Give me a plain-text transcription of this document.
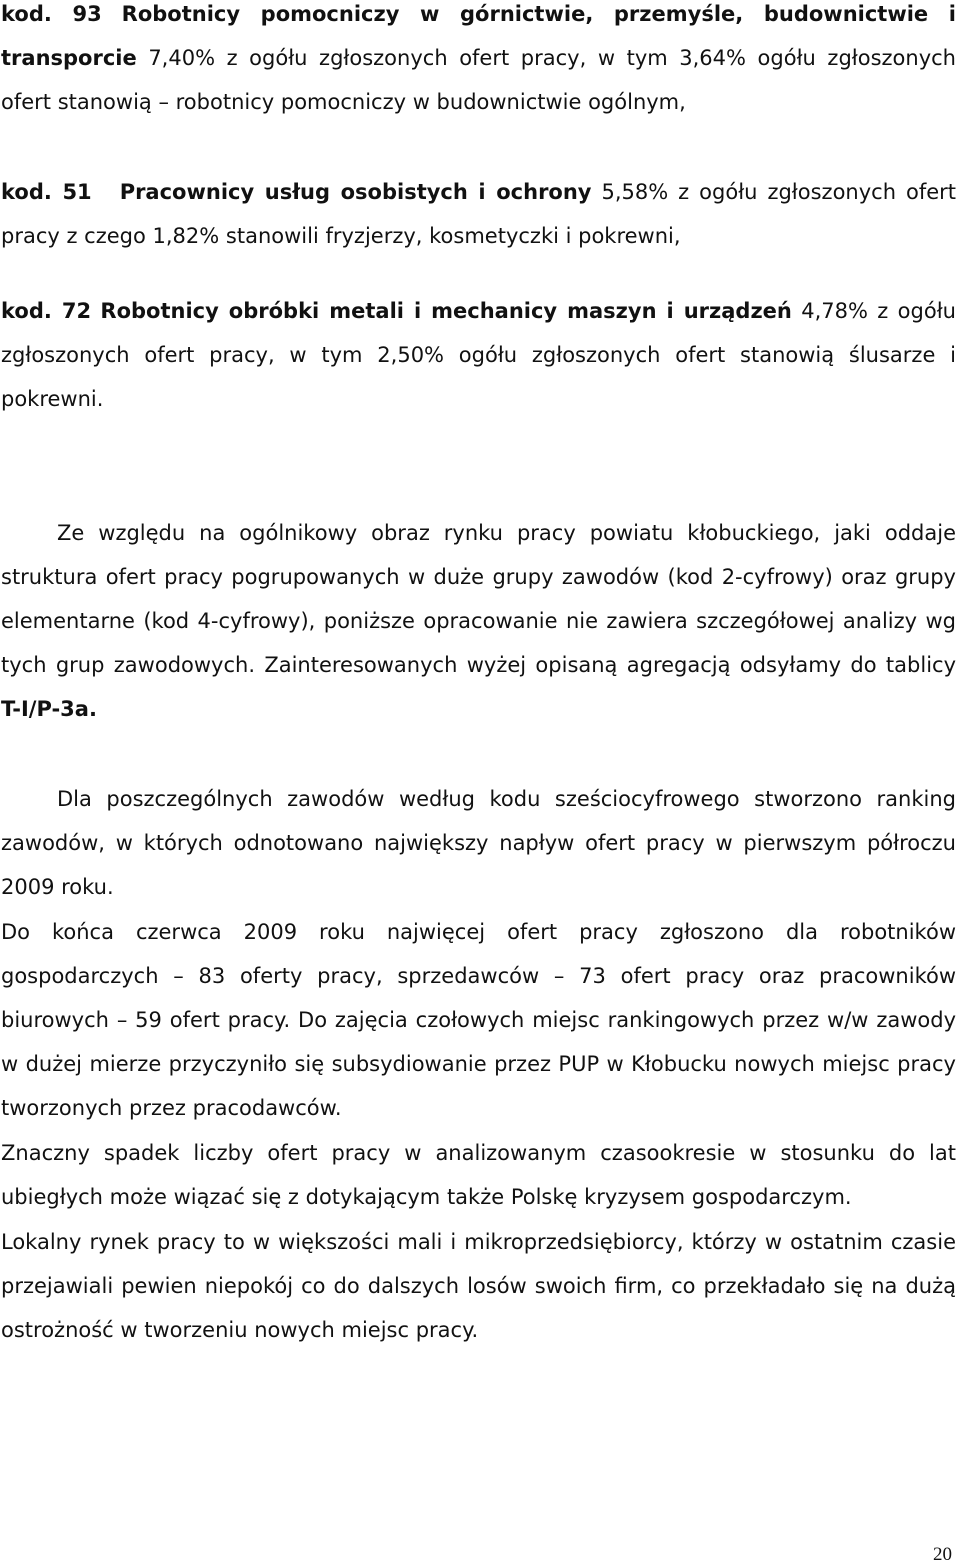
kod. 93 Robotnicy pomocniczy w górnictwie, przemyśle, budownictwie i transporcie 7,40% z ogółu zgłoszonych ofert pracy, w tym 3,64% ogółu zgłoszonych ofert stanowią – robotnicy pomocniczy w budownictwie ogólnym,

kod. 51 Pracownicy usług osobistych i ochrony 5,58% z ogółu zgłoszonych ofert pracy z czego 1,82% stanowili fryzjerzy, kosmetyczki i pokrewni,

kod. 72 Robotnicy obróbki metali i mechanicy maszyn i urządzeń 4,78% z ogółu zgłoszonych ofert pracy, w tym 2,50% ogółu zgłoszonych ofert stanowią ślusarze i pokrewni.

Ze względu na ogólnikowy obraz rynku pracy powiatu kłobuckiego, jaki oddaje struktura ofert pracy pogrupowanych w duże grupy zawodów (kod 2-cyfrowy) oraz grupy elementarne (kod 4-cyfrowy), poniższe opracowanie nie zawiera szczegółowej analizy wg tych grup zawodowych. Zainteresowanych wyżej opisaną agregacją odsyłamy do tablicy T-I/P-3a.

Dla poszczególnych zawodów według kodu sześciocyfrowego stworzono ranking zawodów, w których odnotowano największy napływ ofert pracy w pierwszym półroczu 2009 roku.

Do końca czerwca 2009 roku najwięcej ofert pracy zgłoszono dla robotników gospodarczych – 83 oferty pracy, sprzedawców – 73 ofert pracy oraz pracowników biurowych – 59 ofert pracy. Do zajęcia czołowych miejsc rankingowych przez w/w zawody w dużej mierze przyczyniło się subsydiowanie przez PUP w Kłobucku nowych miejsc pracy tworzonych przez pracodawców.

Znaczny spadek liczby ofert pracy w analizowanym czasookresie w stosunku do lat ubiegłych może wiązać się z dotykającym także Polskę kryzysem gospodarczym.

Lokalny rynek pracy to w większości mali i mikroprzedsiębiorcy, którzy w ostatnim czasie przejawiali pewien niepokój co do dalszych losów swoich firm, co przekładało się na dużą ostrożność w tworzeniu nowych miejsc pracy.

20
